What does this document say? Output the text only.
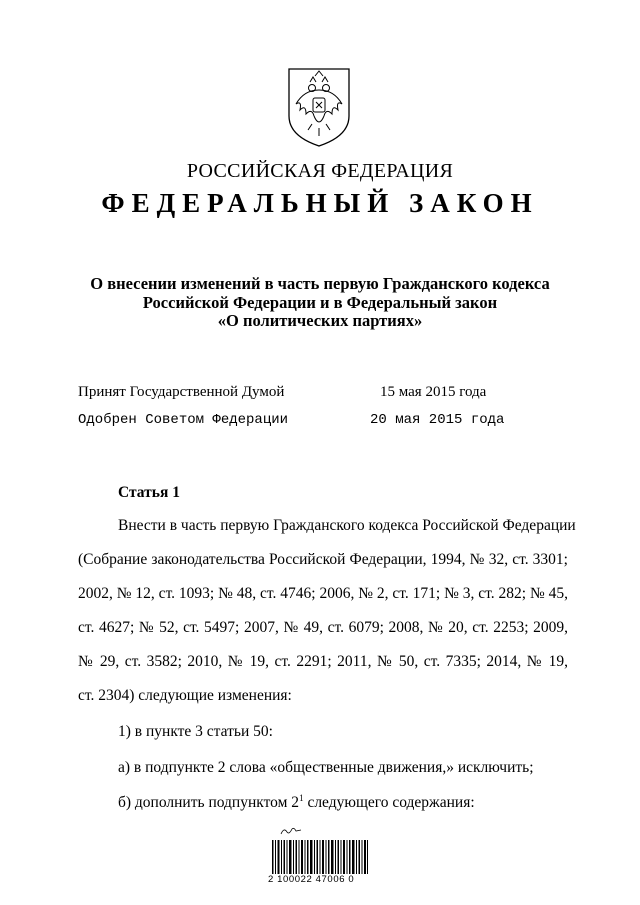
РОССИЙСКАЯ ФЕДЕРАЦИЯ
ФЕДЕРАЛЬНЫЙ ЗАКОН
О внесении изменений в часть первую Гражданского кодекса
Российской Федерации и в Федеральный закон
«О политических партиях»
Принят Государственной Думой	15 мая 2015 года
Одобрен Советом Федерации	20 мая 2015 года
Статья 1
Внести в часть первую Гражданского кодекса Российской Федерации
(Собрание законодательства Российской Федерации, 1994, № 32, ст. 3301;
2002, № 12, ст. 1093; № 48, ст. 4746; 2006, № 2, ст. 171; № 3, ст. 282; № 45,
ст. 4627; № 52, ст. 5497; 2007, № 49, ст. 6079; 2008, № 20, ст. 2253; 2009,
№ 29, ст. 3582; 2010, № 19, ст. 2291; 2011, № 50, ст. 7335; 2014, № 19,
ст. 2304) следующие изменения:
1) в пункте 3 статьи 50:
а) в подпункте 2 слова «общественные движения,» исключить;
б) дополнить подпунктом $2^1$ следующего содержания:
2 100022 47006 0
